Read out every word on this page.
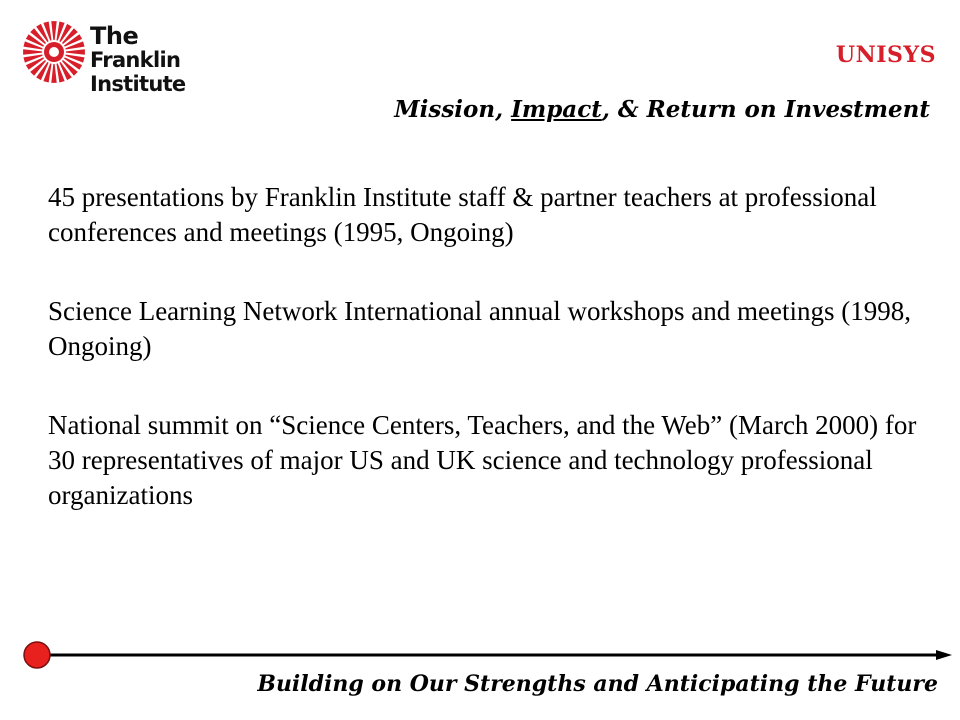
The
Franklin Institute
UNISYS
Mission, Impact, & Return on Investment

45 presentations by Franklin Institute staff & partner teachers at professional conferences and meetings (1995, Ongoing)

Science Learning Network International annual workshops and meetings (1998, Ongoing)

National summit on “Science Centers, Teachers, and the Web” (March 2000) for 30 representatives of major US and UK science and technology professional organizations

Building on Our Strengths and Anticipating the Future
